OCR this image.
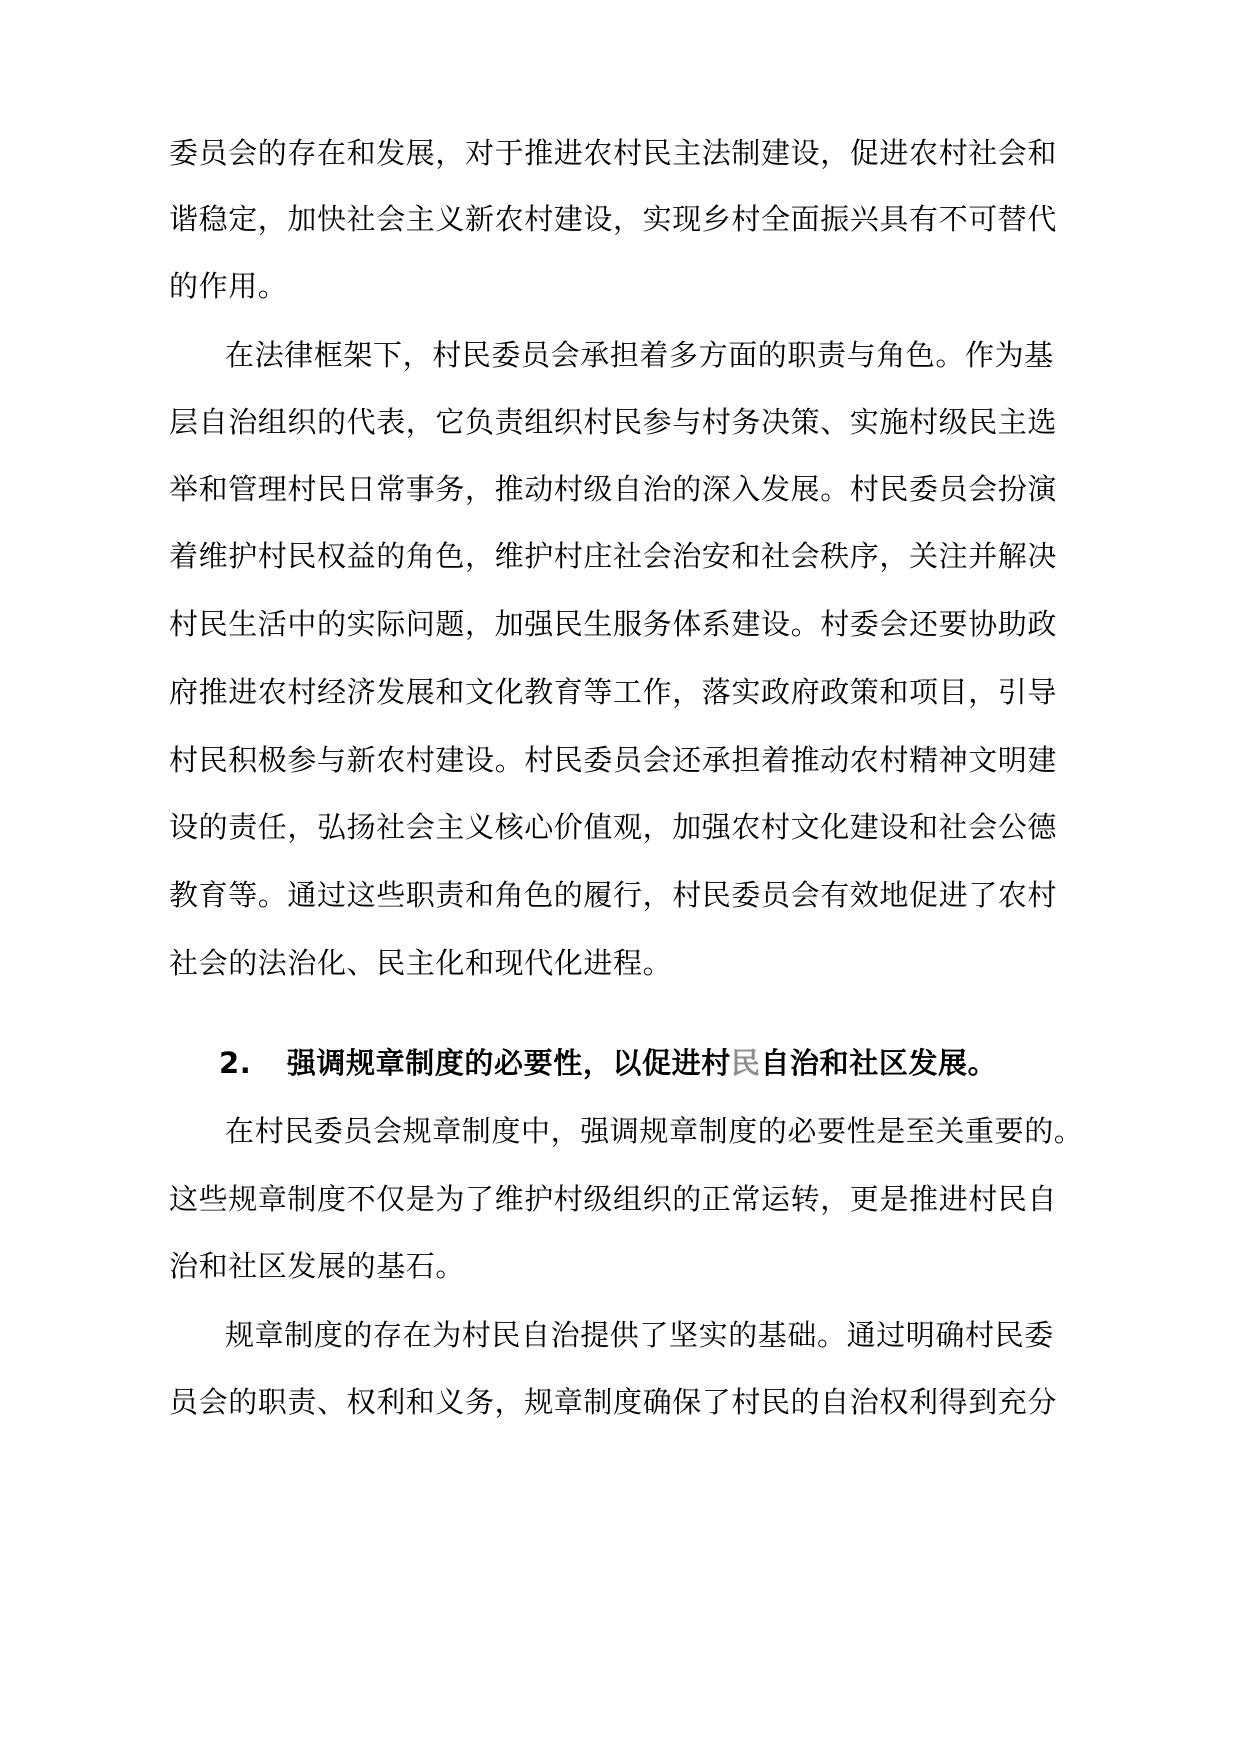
委员会的存在和发展，对于推进农村民主法制建设，促进农村社会和
谐稳定，加快社会主义新农村建设，实现乡村全面振兴具有不可替代
的作用。
在法律框架下，村民委员会承担着多方面的职责与角色。作为基
层自治组织的代表，它负责组织村民参与村务决策、实施村级民主选
举和管理村民日常事务，推动村级自治的深入发展。村民委员会扮演
着维护村民权益的角色，维护村庄社会治安和社会秩序，关注并解决
村民生活中的实际问题，加强民生服务体系建设。村委会还要协助政
府推进农村经济发展和文化教育等工作，落实政府政策和项目，引导
村民积极参与新农村建设。村民委员会还承担着推动农村精神文明建
设的责任，弘扬社会主义核心价值观，加强农村文化建设和社会公德
教育等。通过这些职责和角色的履行，村民委员会有效地促进了农村
社会的法治化、民主化和现代化进程。
2. 强调规章制度的必要性，以促进村民自治和社区发展。
在村民委员会规章制度中，强调规章制度的必要性是至关重要的。
这些规章制度不仅是为了维护村级组织的正常运转，更是推进村民自
治和社区发展的基石。
规章制度的存在为村民自治提供了坚实的基础。通过明确村民委
员会的职责、权利和义务，规章制度确保了村民的自治权利得到充分
